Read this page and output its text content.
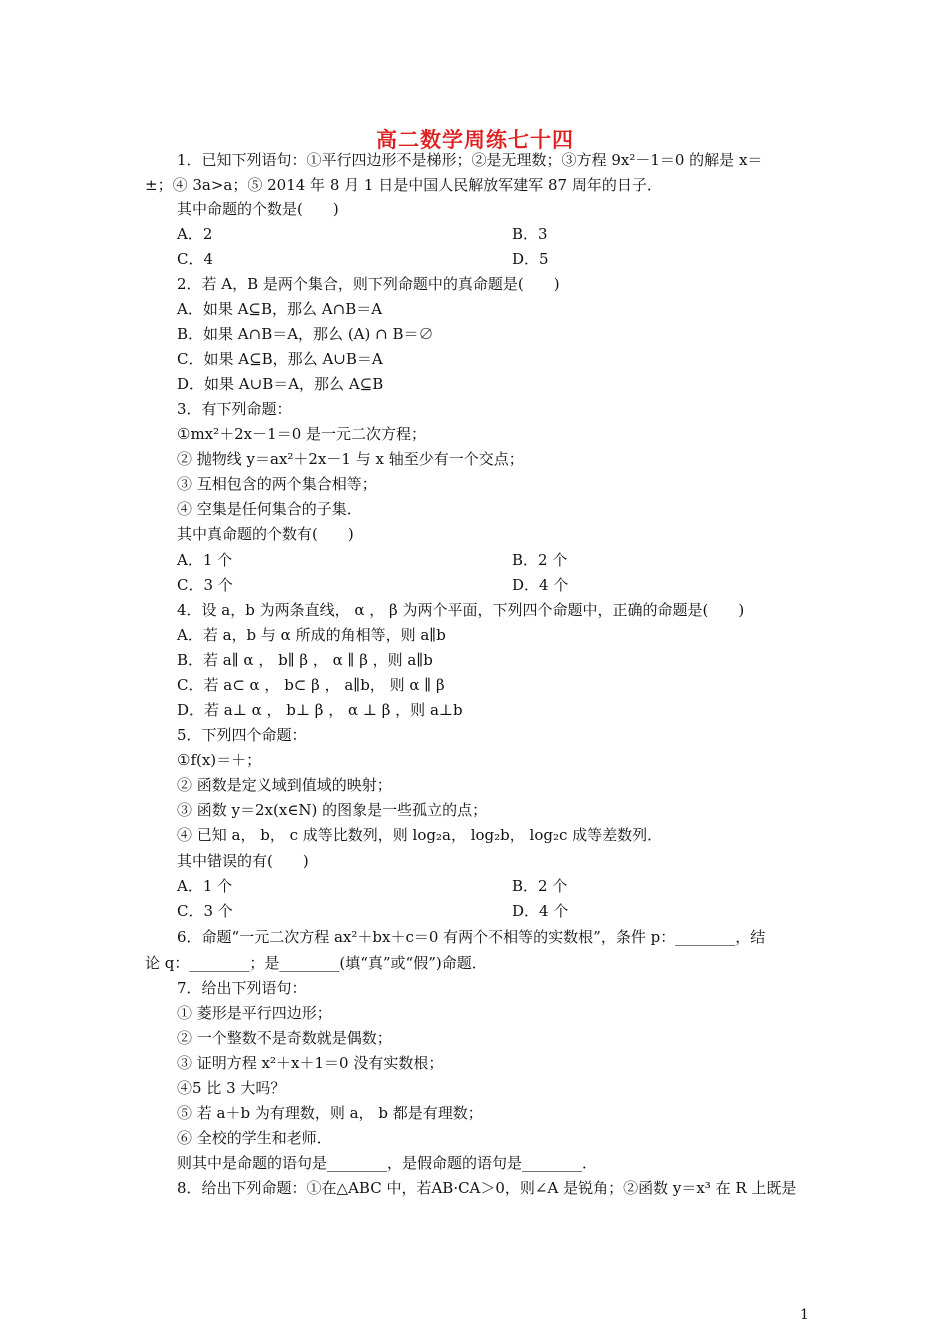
高二数学周练七十四
1．已知下列语句：①平行四边形不是梯形；②是无理数；③方程 9x²－1＝0 的解是 x＝
±；④ 3a>a；⑤ 2014 年 8 月 1 日是中国人民解放军建军 87 周年的日子．
其中命题的个数是(　　)
A．2	B．3
C．4	D．5
2．若 A，B 是两个集合，则下列命题中的真命题是(　　)
A．如果 A⊆B，那么 A∩B＝A
B．如果 A∩B＝A，那么 (A) ∩ B＝∅
C．如果 A⊆B，那么 A∪B＝A
D．如果 A∪B＝A，那么 A⊆B
3．有下列命题：
①mx²＋2x－1＝0 是一元二次方程；
② 抛物线 y＝ax²＋2x－1 与 x 轴至少有一个交点；
③ 互相包含的两个集合相等；
④ 空集是任何集合的子集．
其中真命题的个数有(　　)
A．1 个	B．2 个
C．3 个	D．4 个
4．设 a，b 为两条直线， α ， β 为两个平面，下列四个命题中，正确的命题是(　　)
A．若 a，b 与 α 所成的角相等，则 a∥b
B．若 a∥ α ， b∥ β ， α ∥ β ，则 a∥b
C．若 a⊂ α ， b⊂ β ， a∥b， 则 α ∥ β
D．若 a⊥ α ， b⊥ β ， α ⊥ β ，则 a⊥b
5．下列四个命题：
①f(x)＝＋；
② 函数是定义域到值域的映射；
③ 函数 y＝2x(x∈N) 的图象是一些孤立的点；
④ 已知 a， b， c 成等比数列，则 log₂a， log₂b， log₂c 成等差数列．
其中错误的有(　　)
A．1 个	B．2 个
C．3 个	D．4 个
6．命题“一元二次方程 ax²＋bx＋c＝0 有两个不相等的实数根”，条件 p：________，结
论 q：________；是________(填“真”或“假”)命题．
7．给出下列语句：
① 菱形是平行四边形；
② 一个整数不是奇数就是偶数；
③ 证明方程 x²＋x＋1＝0 没有实数根；
④5 比 3 大吗？
⑤ 若 a＋b 为有理数，则 a， b 都是有理数；
⑥ 全校的学生和老师．
则其中是命题的语句是________，是假命题的语句是________．
8．给出下列命题：①在△ABC 中，若AB·CA＞0，则∠A 是锐角；②函数 y＝x³ 在 R 上既是
1
